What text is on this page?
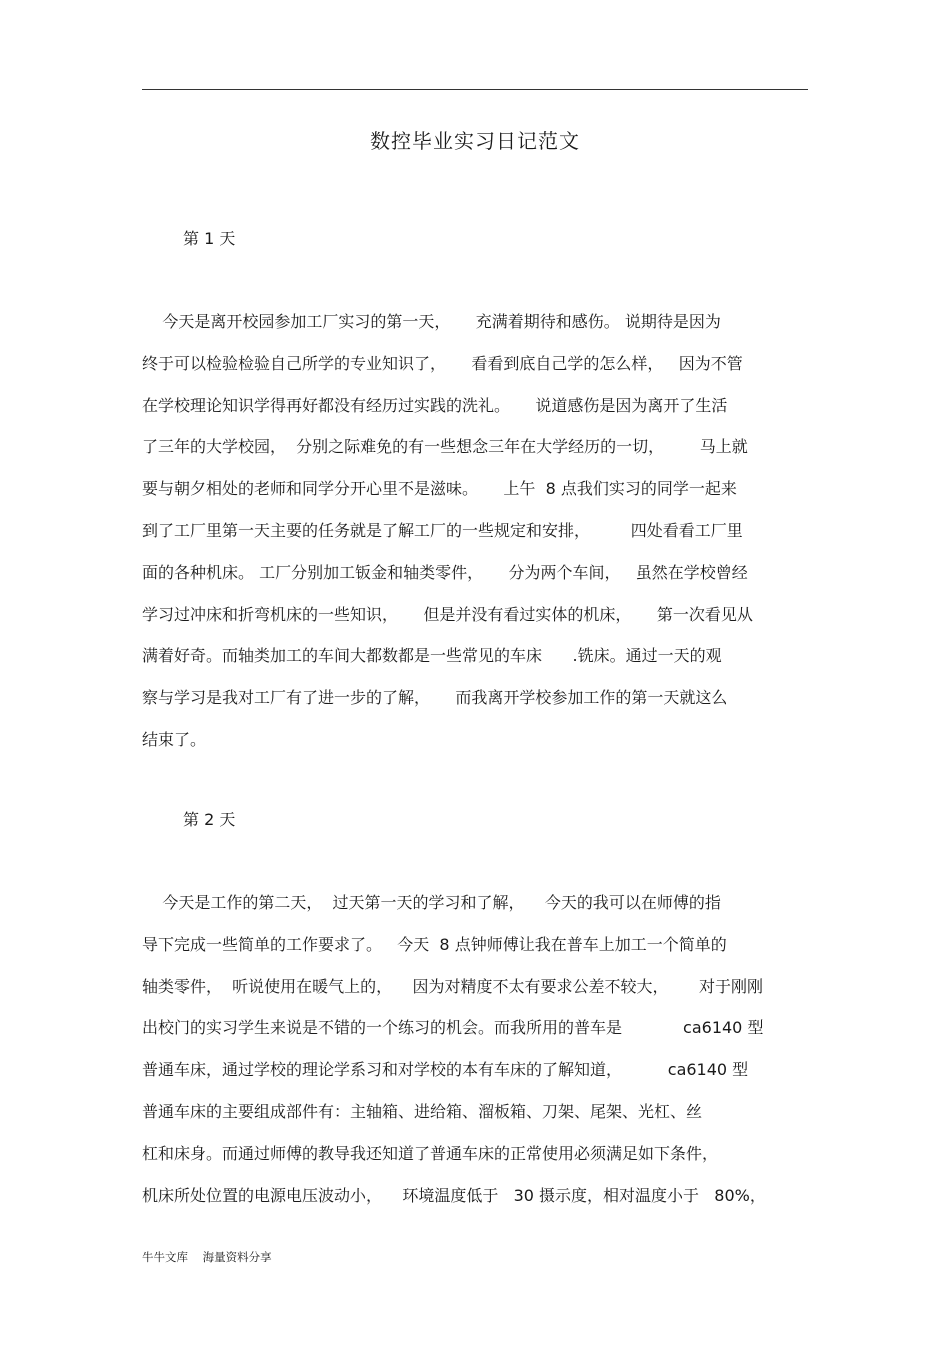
数控毕业实习日记范文
第 1 天
今天是离开校园参加工厂实习的第一天，     充满着期待和感伤。 说期待是因为
终于可以检验检验自己所学的专业知识了，     看看到底自己学的怎么样，   因为不管
在学校理论知识学得再好都没有经历过实践的洗礼。     说道感伤是因为离开了生活
了三年的大学校园，  分别之际难免的有一些想念三年在大学经历的一切，       马上就
要与朝夕相处的老师和同学分开心里不是滋味。     上午  8 点我们实习的同学一起来
到了工厂里第一天主要的任务就是了解工厂的一些规定和安排，        四处看看工厂里
面的各种机床。 工厂分别加工钣金和轴类零件，     分为两个车间，   虽然在学校曾经
学习过冲床和折弯机床的一些知识，     但是并没有看过实体的机床，     第一次看见从
满着好奇。而轴类加工的车间大都数都是一些常见的车床      .铣床。通过一天的观
察与学习是我对工厂有了进一步的了解，     而我离开学校参加工作的第一天就这么
结束了。
第 2 天
今天是工作的第二天，  过天第一天的学习和了解，    今天的我可以在师傅的指
导下完成一些简单的工作要求了。   今天  8 点钟师傅让我在普车上加工一个简单的
轴类零件，  听说使用在暖气上的，    因为对精度不太有要求公差不较大，      对于刚刚
出校门的实习学生来说是不错的一个练习的机会。而我所用的普车是            ca6140 型
普通车床，通过学校的理论学系习和对学校的本有车床的了解知道，         ca6140 型
普通车床的主要组成部件有：主轴箱、进给箱、溜板箱、刀架、尾架、光杠、丝
杠和床身。而通过师傅的教导我还知道了普通车床的正常使用必须满足如下条件，
机床所处位置的电源电压波动小，    环境温度低于   30 摄示度，相对温度小于   80%，
牛牛文库    海量资料分享
